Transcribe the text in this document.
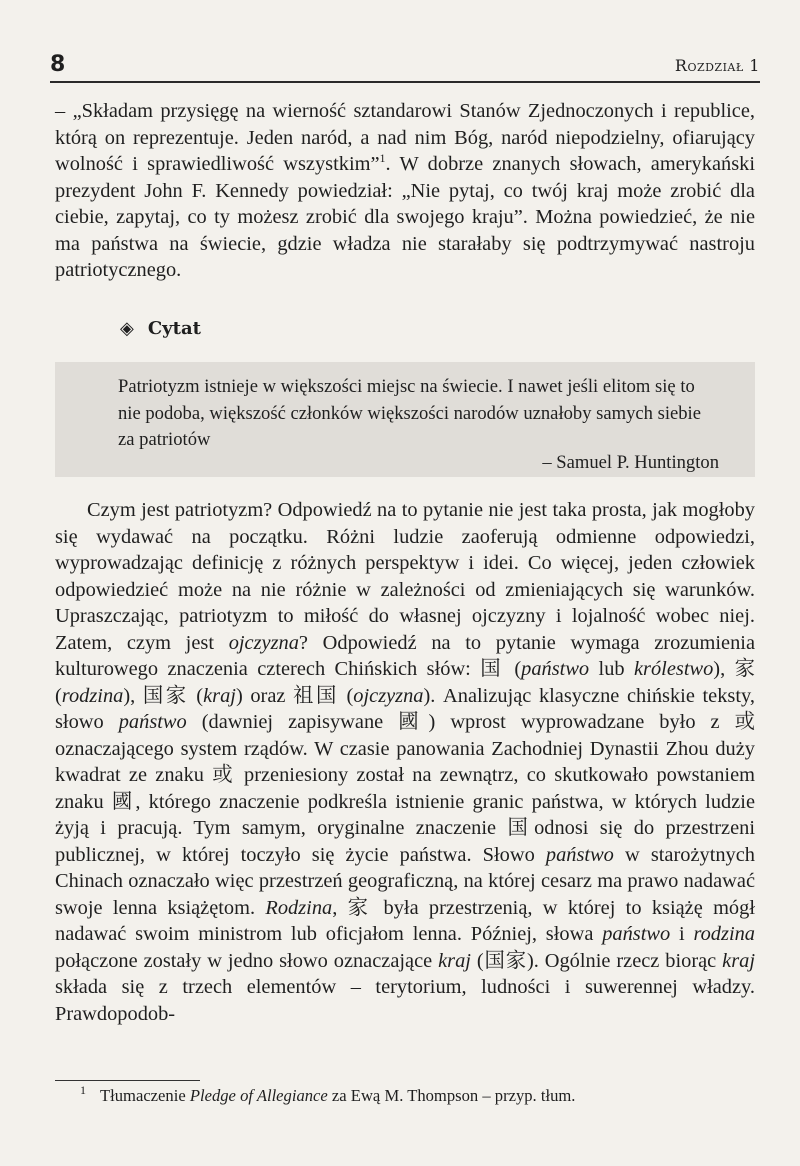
8	Rozdział 1

– „Składam przysięgę na wierność sztandarowi Stanów Zjednoczonych i republice, którą on reprezentuje. Jeden naród, a nad nim Bóg, naród niepodzielny, ofiarujący wolność i sprawiedliwość wszystkim”$^1$. W dobrze znanych słowach, amerykański prezydent John F. Kennedy powiedział: „Nie pytaj, co twój kraj może zrobić dla ciebie, zapytaj, co ty możesz zrobić dla swojego kraju”. Można powiedzieć, że nie ma państwa na świecie, gdzie władza nie starałaby się podtrzymywać nastroju patriotycznego.

◈ Cytat
Patriotyzm istnieje w większości miejsc na świecie. I nawet jeśli elitom się to nie podoba, większość członków większości narodów uznałoby samych siebie za patriotów
– Samuel P. Huntington

Czym jest patriotyzm? Odpowiedź na to pytanie nie jest taka prosta, jak mogłoby się wydawać na początku. Różni ludzie zaoferują odmienne odpowiedzi, wyprowadzając definicję z różnych perspektyw i idei. Co więcej, jeden człowiek odpowiedzieć może na nie różnie w zależności od zmieniających się warunków. Upraszczając, patriotyzm to miłość do własnej ojczyzny i lojalność wobec niej. Zatem, czym jest ojczyzna? Odpowiedź na to pytanie wymaga zrozumienia kulturowego znaczenia czterech Chińskich słów: 国 (państwo lub królestwo), 家 (rodzina), 国家 (kraj) oraz 祖国 (ojczyzna). Analizując klasyczne chińskie teksty, słowo państwo (dawniej zapisywane 國) wprost wyprowadzane było z 或 oznaczającego system rządów. W czasie panowania Zachodniej Dynastii Zhou duży kwadrat ze znaku 或 przeniesiony został na zewnątrz, co skutkowało powstaniem znaku 國, którego znaczenie podkreśla istnienie granic państwa, w których ludzie żyją i pracują. Tym samym, oryginalne znaczenie 国odnosi się do przestrzeni publicznej, w której toczyło się życie państwa. Słowo państwo w starożytnych Chinach oznaczało więc przestrzeń geograficzną, na której cesarz ma prawo nadawać swoje lenna książętom. Rodzina, 家 była przestrzenią, w której to książę mógł nadawać swoim ministrom lub oficjałom lenna. Później, słowa państwo i rodzina połączone zostały w jedno słowo oznaczające kraj (国家). Ogólnie rzecz biorąc kraj składa się z trzech elementów – terytorium, ludności i suwerennej władzy. Prawdopodob-

$^1$ Tłumaczenie Pledge of Allegiance za Ewą M. Thompson – przyp. tłum.
